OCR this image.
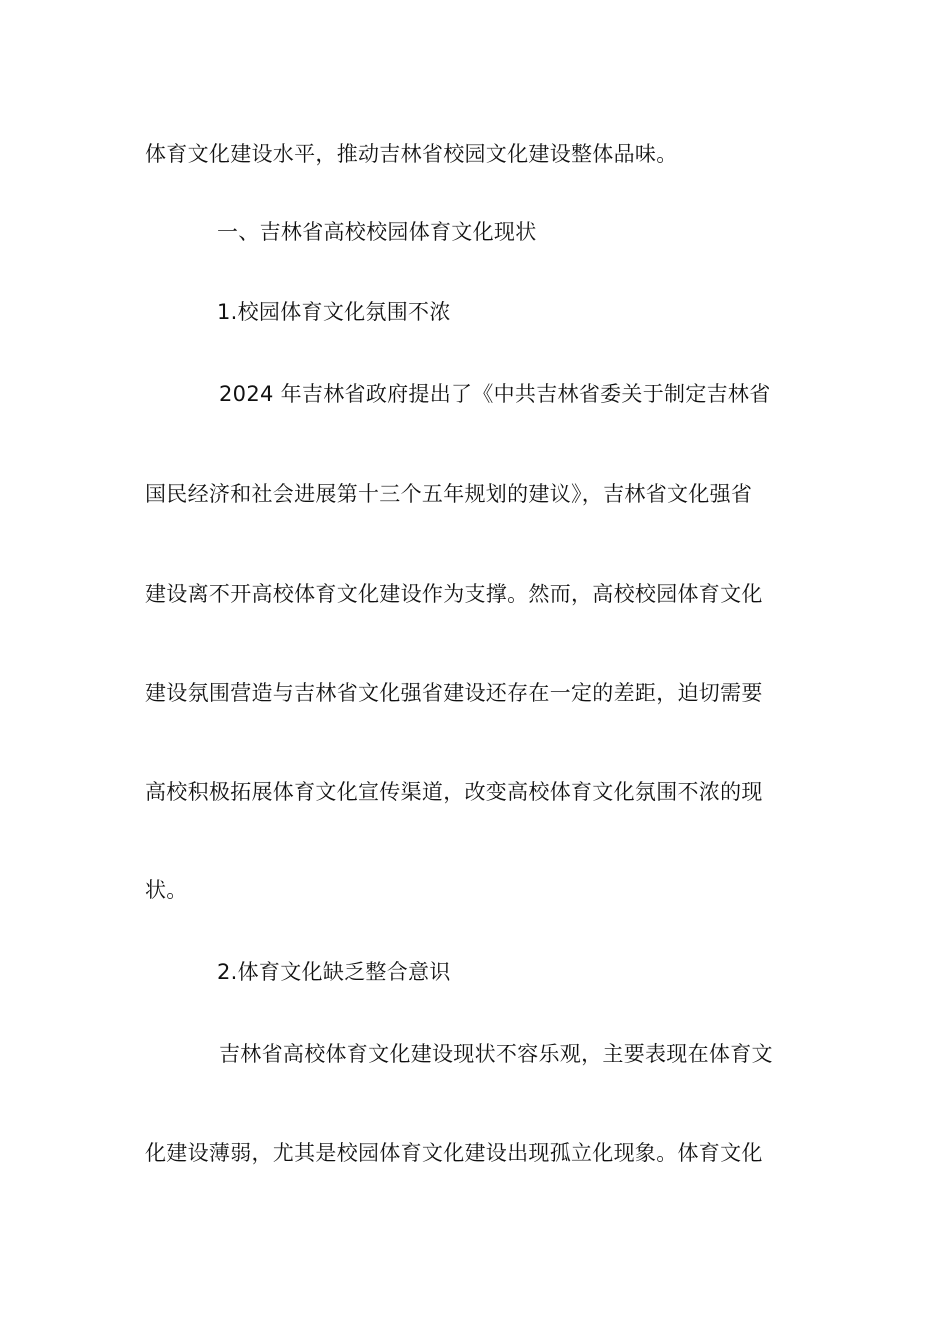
体育文化建设水平，推动吉林省校园文化建设整体品味。
一、吉林省高校校园体育文化现状
1.校园体育文化氛围不浓
2024 年吉林省政府提出了《中共吉林省委关于制定吉林省
国民经济和社会进展第十三个五年规划的建议》，吉林省文化强省
建设离不开高校体育文化建设作为支撑。然而，高校校园体育文化
建设氛围营造与吉林省文化强省建设还存在一定的差距，迫切需要
高校积极拓展体育文化宣传渠道，改变高校体育文化氛围不浓的现
状。
2.体育文化缺乏整合意识
吉林省高校体育文化建设现状不容乐观，主要表现在体育文
化建设薄弱，尤其是校园体育文化建设出现孤立化现象。体育文化
